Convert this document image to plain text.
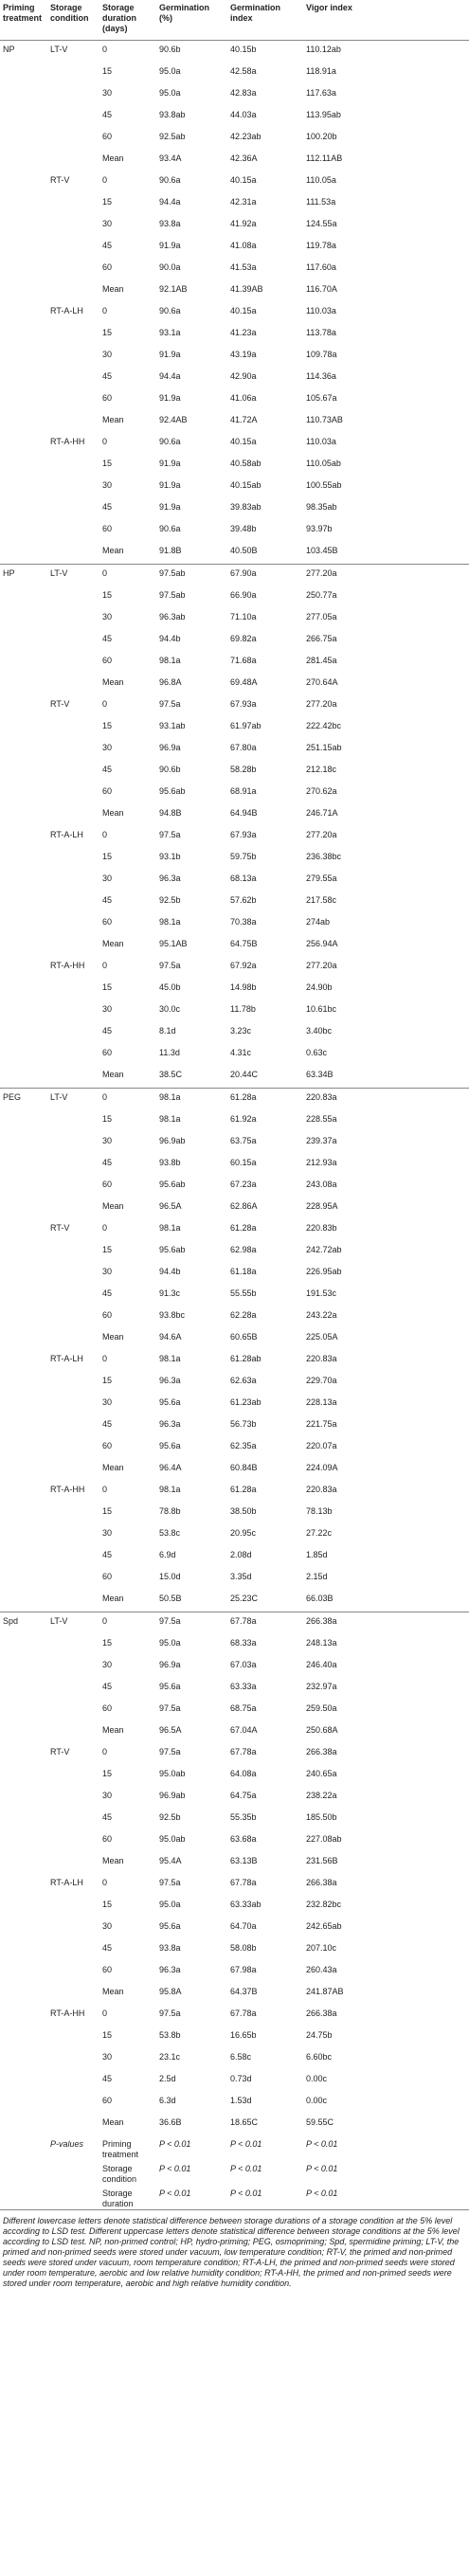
Priming treatment	Storage condition	Storage duration (days)	Germination (%)	Germination index	Vigor index
NP	LT-V	0	90.6b	40.15b	110.12ab
		15	95.0a	42.58a	118.91a
		30	95.0a	42.83a	117.63a
		45	93.8ab	44.03a	113.95ab
		60	92.5ab	42.23ab	100.20b
		Mean	93.4A	42.36A	112.11AB
	RT-V	0	90.6a	40.15a	110.05a
		15	94.4a	42.31a	111.53a
		30	93.8a	41.92a	124.55a
		45	91.9a	41.08a	119.78a
		60	90.0a	41.53a	117.60a
		Mean	92.1AB	41.39AB	116.70A
	RT-A-LH	0	90.6a	40.15a	110.03a
		15	93.1a	41.23a	113.78a
		30	91.9a	43.19a	109.78a
		45	94.4a	42.90a	114.36a
		60	91.9a	41.06a	105.67a
		Mean	92.4AB	41.72A	110.73AB
	RT-A-HH	0	90.6a	40.15a	110.03a
		15	91.9a	40.58ab	110.05ab
		30	91.9a	40.15ab	100.55ab
		45	91.9a	39.83ab	98.35ab
		60	90.6a	39.48b	93.97b
		Mean	91.8B	40.50B	103.45B
HP	LT-V	0	97.5ab	67.90a	277.20a
		15	97.5ab	66.90a	250.77a
		30	96.3ab	71.10a	277.05a
		45	94.4b	69.82a	266.75a
		60	98.1a	71.68a	281.45a
		Mean	96.8A	69.48A	270.64A
	RT-V	0	97.5a	67.93a	277.20a
		15	93.1ab	61.97ab	222.42bc
		30	96.9a	67.80a	251.15ab
		45	90.6b	58.28b	212.18c
		60	95.6ab	68.91a	270.62a
		Mean	94.8B	64.94B	246.71A
	RT-A-LH	0	97.5a	67.93a	277.20a
		15	93.1b	59.75b	236.38bc
		30	96.3a	68.13a	279.55a
		45	92.5b	57.62b	217.58c
		60	98.1a	70.38a	274ab
		Mean	95.1AB	64.75B	256.94A
	RT-A-HH	0	97.5a	67.92a	277.20a
		15	45.0b	14.98b	24.90b
		30	30.0c	11.78b	10.61bc
		45	8.1d	3.23c	3.40bc
		60	11.3d	4.31c	0.63c
		Mean	38.5C	20.44C	63.34B
PEG	LT-V	0	98.1a	61.28a	220.83a
		15	98.1a	61.92a	228.55a
		30	96.9ab	63.75a	239.37a
		45	93.8b	60.15a	212.93a
		60	95.6ab	67.23a	243.08a
		Mean	96.5A	62.86A	228.95A
	RT-V	0	98.1a	61.28a	220.83b
		15	95.6ab	62.98a	242.72ab
		30	94.4b	61.18a	226.95ab
		45	91.3c	55.55b	191.53c
		60	93.8bc	62.28a	243.22a
		Mean	94.6A	60.65B	225.05A
	RT-A-LH	0	98.1a	61.28ab	220.83a
		15	96.3a	62.63a	229.70a
		30	95.6a	61.23ab	228.13a
		45	96.3a	56.73b	221.75a
		60	95.6a	62.35a	220.07a
		Mean	96.4A	60.84B	224.09A
	RT-A-HH	0	98.1a	61.28a	220.83a
		15	78.8b	38.50b	78.13b
		30	53.8c	20.95c	27.22c
		45	6.9d	2.08d	1.85d
		60	15.0d	3.35d	2.15d
		Mean	50.5B	25.23C	66.03B
Spd	LT-V	0	97.5a	67.78a	266.38a
		15	95.0a	68.33a	248.13a
		30	96.9a	67.03a	246.40a
		45	95.6a	63.33a	232.97a
		60	97.5a	68.75a	259.50a
		Mean	96.5A	67.04A	250.68A
	RT-V	0	97.5a	67.78a	266.38a
		15	95.0ab	64.08a	240.65a
		30	96.9ab	64.75a	238.22a
		45	92.5b	55.35b	185.50b
		60	95.0ab	63.68a	227.08ab
		Mean	95.4A	63.13B	231.56B
	RT-A-LH	0	97.5a	67.78a	266.38a
		15	95.0a	63.33ab	232.82bc
		30	95.6a	64.70a	242.65ab
		45	93.8a	58.08b	207.10c
		60	96.3a	67.98a	260.43a
		Mean	95.8A	64.37B	241.87AB
	RT-A-HH	0	97.5a	67.78a	266.38a
		15	53.8b	16.65b	24.75b
		30	23.1c	6.58c	6.60bc
		45	2.5d	0.73d	0.00c
		60	6.3d	1.53d	0.00c
		Mean	36.6B	18.65C	59.55C
	P-values	Priming treatment	P < 0.01	P < 0.01	P < 0.01
		Storage condition	P < 0.01	P < 0.01	P < 0.01
		Storage duration	P < 0.01	P < 0.01	P < 0.01
Different lowercase letters denote statistical difference between storage durations of a storage condition at the 5% level according to LSD test. Different uppercase letters denote statistical difference between storage conditions at the 5% level according to LSD test. NP, non-primed control; HP, hydro-priming; PEG, osmopriming; Spd, spermidine priming; LT-V, the primed and non-primed seeds were stored under vacuum, low temperature condition; RT-V, the primed and non-primed seeds were stored under vacuum, room temperature condition; RT-A-LH, the primed and non-primed seeds were stored under room temperature, aerobic and low relative humidity condition; RT-A-HH, the primed and non-primed seeds were stored under room temperature, aerobic and high relative humidity condition.
